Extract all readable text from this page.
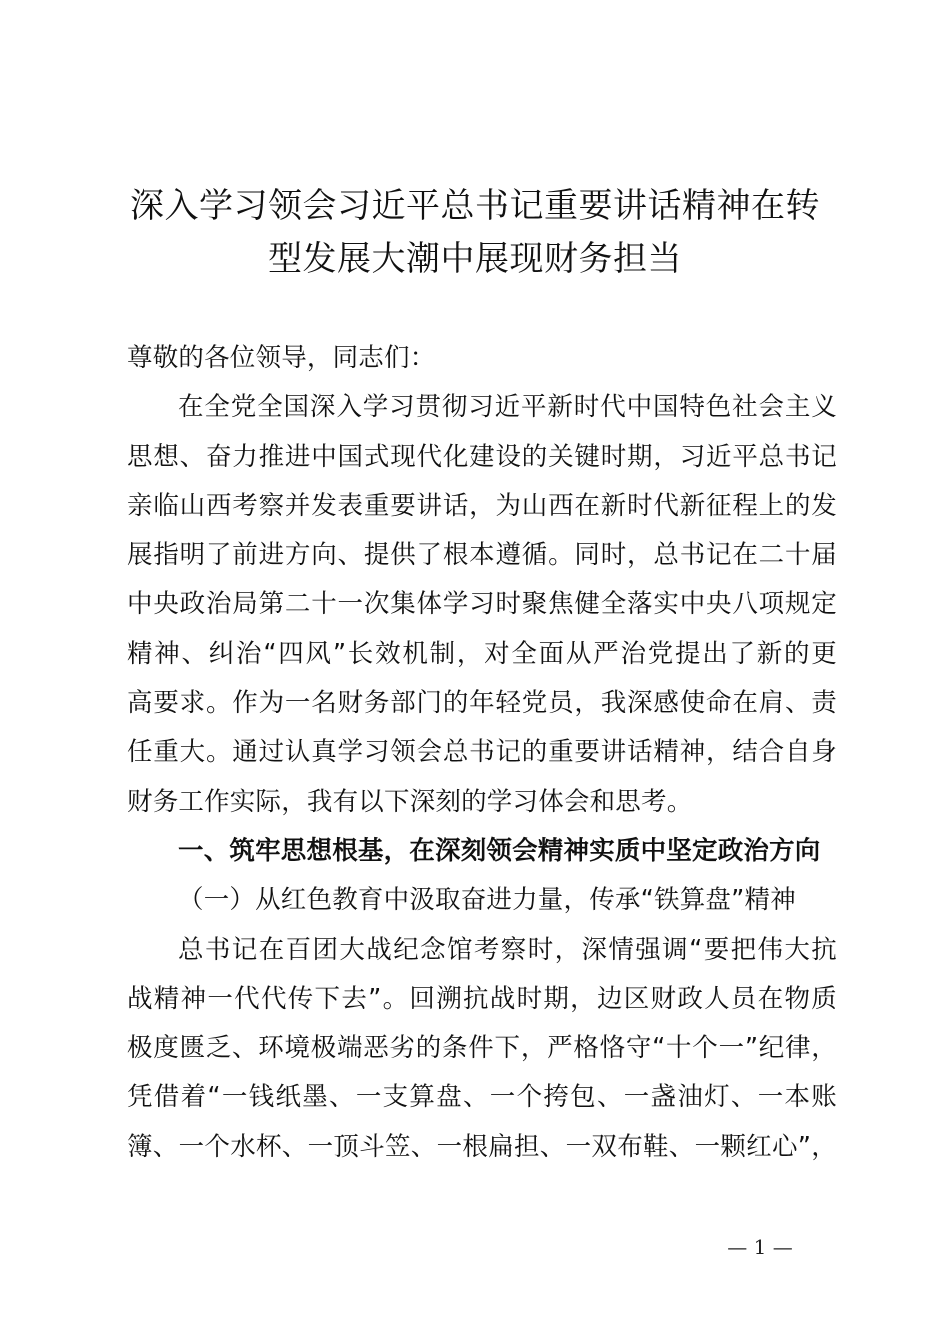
深入学习领会习近平总书记重要讲话精神在转
型发展大潮中展现财务担当
尊敬的各位领导，同志们：
在全党全国深入学习贯彻习近平新时代中国特色社会主义
思想、奋力推进中国式现代化建设的关键时期，习近平总书记
亲临山西考察并发表重要讲话，为山西在新时代新征程上的发
展指明了前进方向、提供了根本遵循。同时，总书记在二十届
中央政治局第二十一次集体学习时聚焦健全落实中央八项规定
精神、纠治“四风”长效机制，对全面从严治党提出了新的更
高要求。作为一名财务部门的年轻党员，我深感使命在肩、责
任重大。通过认真学习领会总书记的重要讲话精神，结合自身
财务工作实际，我有以下深刻的学习体会和思考。
一、筑牢思想根基，在深刻领会精神实质中坚定政治方向
（一）从红色教育中汲取奋进力量，传承“铁算盘”精神
总书记在百团大战纪念馆考察时，深情强调“要把伟大抗
战精神一代代传下去”。回溯抗战时期，边区财政人员在物质
极度匮乏、环境极端恶劣的条件下，严格恪守“十个一”纪律，
凭借着“一钱纸墨、一支算盘、一个挎包、一盏油灯、一本账
簿、一个水杯、一顶斗笠、一根扁担、一双布鞋、一颗红心”，
— 1 —
